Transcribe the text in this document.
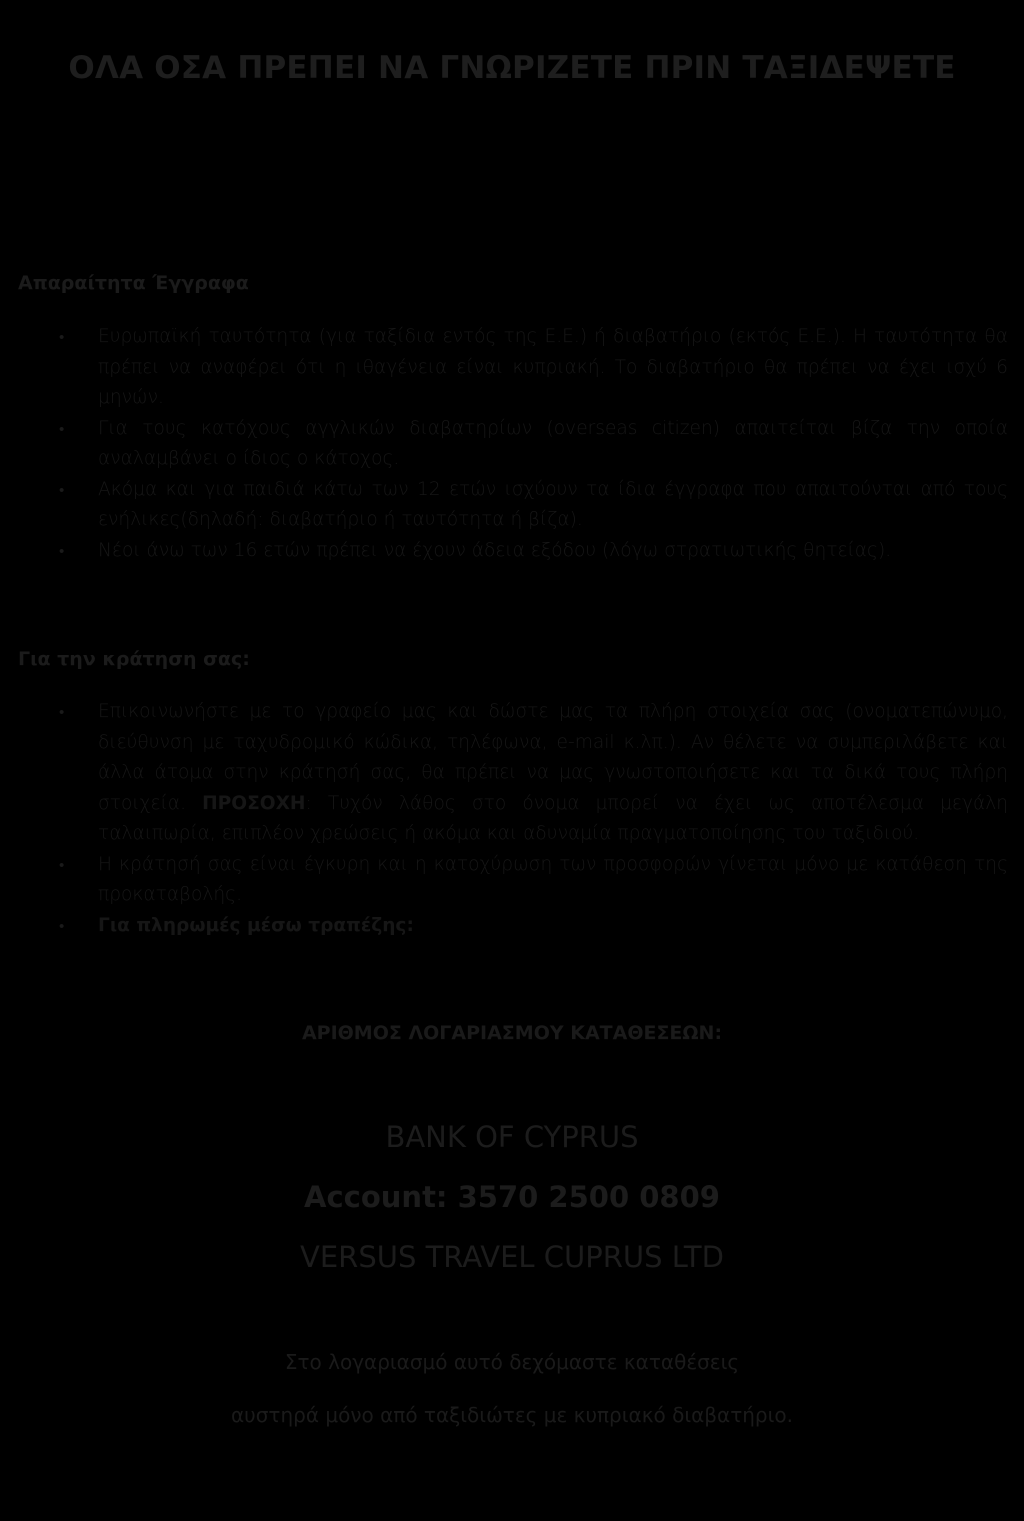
ΟΛΑ ΟΣΑ ΠΡΕΠΕΙ ΝΑ ΓΝΩΡΙΖΕΤΕ ΠΡΙΝ ΤΑΞΙΔΕΨΕΤΕ
Απαραίτητα Έγγραφα
• Ευρωπαϊκή ταυτότητα (για ταξίδια εντός της Ε.Ε.) ή διαβατήριο (εκτός Ε.Ε.). Η ταυτότητα θα πρέπει να αναφέρει ότι η ιθαγένεια είναι κυπριακή. Το διαβατήριο θα πρέπει να έχει ισχύ 6 μηνών.
• Για τους κατόχους αγγλικών διαβατηρίων (overseas citizen) απαιτείται βίζα την οποία αναλαμβάνει ο ίδιος ο κάτοχος.
• Ακόμα και για παιδιά κάτω των 12 ετών ισχύουν τα ίδια έγγραφα που απαιτούνται από τους ενήλικες(δηλαδή: διαβατήριο ή ταυτότητα ή βίζα).
• Νέοι άνω των 16 ετών πρέπει να έχουν άδεια εξόδου (λόγω στρατιωτικής θητείας).
Για την κράτηση σας:
• Επικοινωνήστε με το γραφείο μας και δώστε μας τα πλήρη στοιχεία σας (ονοματεπώνυμο, διεύθυνση με ταχυδρομικό κώδικα, τηλέφωνα, e-mail κ.λπ.). Αν θέλετε να συμπεριλάβετε και άλλα άτομα στην κράτησή σας, θα πρέπει να μας γνωστοποιήσετε και τα δικά τους πλήρη στοιχεία. ΠΡΟΣΟΧΗ: Τυχόν λάθος στο όνομα μπορεί να έχει ως αποτέλεσμα μεγάλη ταλαιπωρία, επιπλέον χρεώσεις ή ακόμα και αδυναμία πραγματοποίησης του ταξιδιού.
• Η κράτησή σας είναι έγκυρη και η κατοχύρωση των προσφορών γίνεται μόνο με κατάθεση της προκαταβολής.
• Για πληρωμές μέσω τραπέζης:

ΑΡΙΘΜΟΣ ΛΟΓΑΡΙΑΣΜΟΥ ΚΑΤΑΘΕΣΕΩΝ:

BANK OF CYPRUS

Account: 3570 2500 0809

VERSUS TRAVEL CUPRUS LTD

Στο λογαριασμό αυτό δεχόμαστε καταθέσεις

αυστηρά μόνο από ταξιδιώτες με κυπριακό διαβατήριο.
